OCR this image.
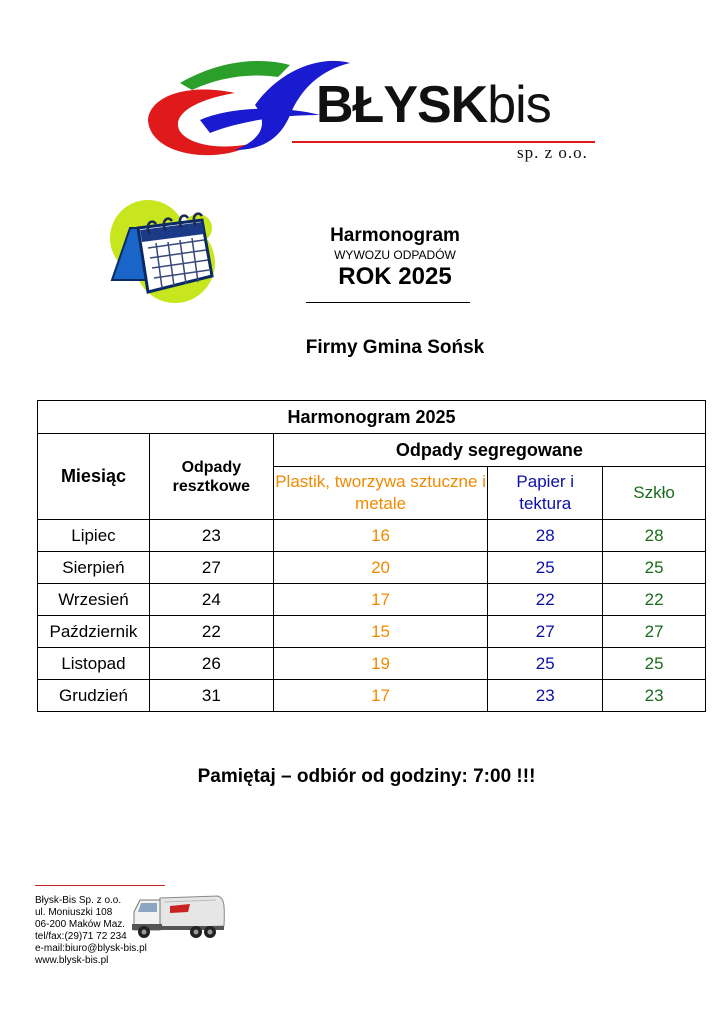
BŁYSKbis
sp. z o.o.
Harmonogram
WYWOZU ODPADÓW
ROK 2025
Firmy Gmina Sońsk
Harmonogram 2025				
Miesiąc	Odpady resztkowe	Odpady segregowane		
		Plastik, tworzywa sztuczne i metale	Papier i tektura	Szkło
Lipiec	23	16	28	28
Sierpień	27	20	25	25
Wrzesień	24	17	22	22
Październik	22	15	27	27
Listopad	26	19	25	25
Grudzień	31	17	23	23
Pamiętaj – odbiór od godziny: 7:00 !!!
Błysk-Bis Sp. z o.o.
ul. Moniuszki 108
06-200 Maków Maz.
tel/fax:(29)71 72 234
e-mail:biuro@blysk-bis.pl
www.blysk-bis.pl
